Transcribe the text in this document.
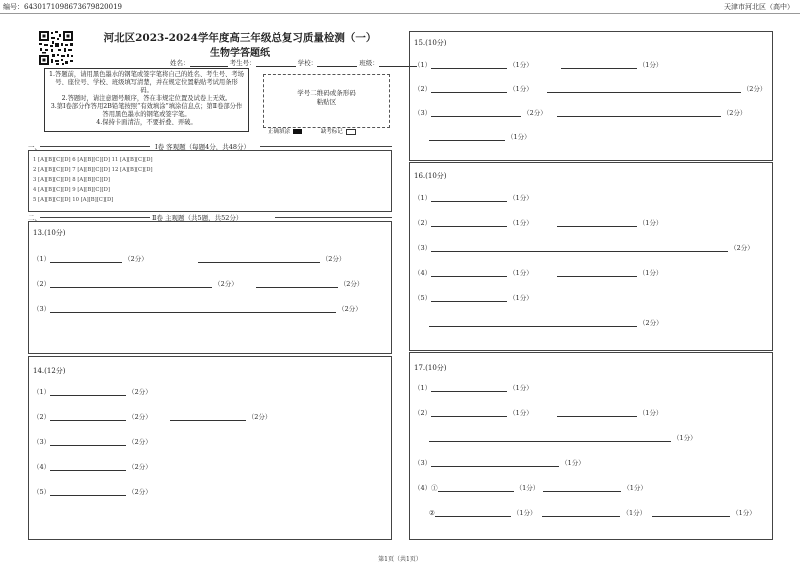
编号：6430171098673679820019	天津市河北区（高中）
河北区2023-2024学年度高三年级总复习质量检测（一）
生物学答题纸
姓名：	考生号：	学校：	班级：

1.答题前，请用黑色墨水的钢笔或签字笔将自己的姓名、考生号、考场号、座位号、学校、班级填写清楚，并在规定位置粘贴考试用条形码。

2.答题时，请注意题号顺序，答在非规定位置及试卷上无效。

3.第Ⅰ卷部分作答用2B铅笔按照“有效填涂”填涂信息点；第Ⅱ卷部分作答用黑色墨水的钢笔或签字笔。

4.保持卡面清洁，不要折叠、弄破。

学号二维码或条形码
粘贴区
正确填涂	缺考标记
一、	Ⅰ卷 客观题（每题4分，共48分）
1 [A][B][C][D] 6 [A][B][C][D] 11 [A][B][C][D]
2 [A][B][C][D] 7 [A][B][C][D] 12 [A][B][C][D]
3 [A][B][C][D] 8 [A][B][C][D]
4 [A][B][C][D] 9 [A][B][C][D]
5 [A][B][C][D] 10 [A][B][C][D]
二、	Ⅱ卷 主观题（共5题，共52分）
13.(10分)
（1）	（2分）	（2分）
（2）	（2分）	（2分）
（3）	（2分）
14.(12分)
（1）	（2分）
（2）	（2分）	（2分）
（3）	（2分）
（4）	（2分）
（5）	（2分）
15.(10分)
（1）	（1分）	（1分）
（2）	（1分）	（2分）
（3）	（2分）	（2分）
（1分）
16.(10分)
（1）	（1分）
（2）	（1分）	（1分）
（3）	（2分）
（4）	（1分）	（1分）
（5）	（1分）
（2分）
17.(10分)
（1）	（1分）
（2）	（1分）	（1分）
（1分）
（3）	（1分）
（4）①	（1分）	（1分）
②	（1分）	（1分）	（1分）
第1页（共1页）
